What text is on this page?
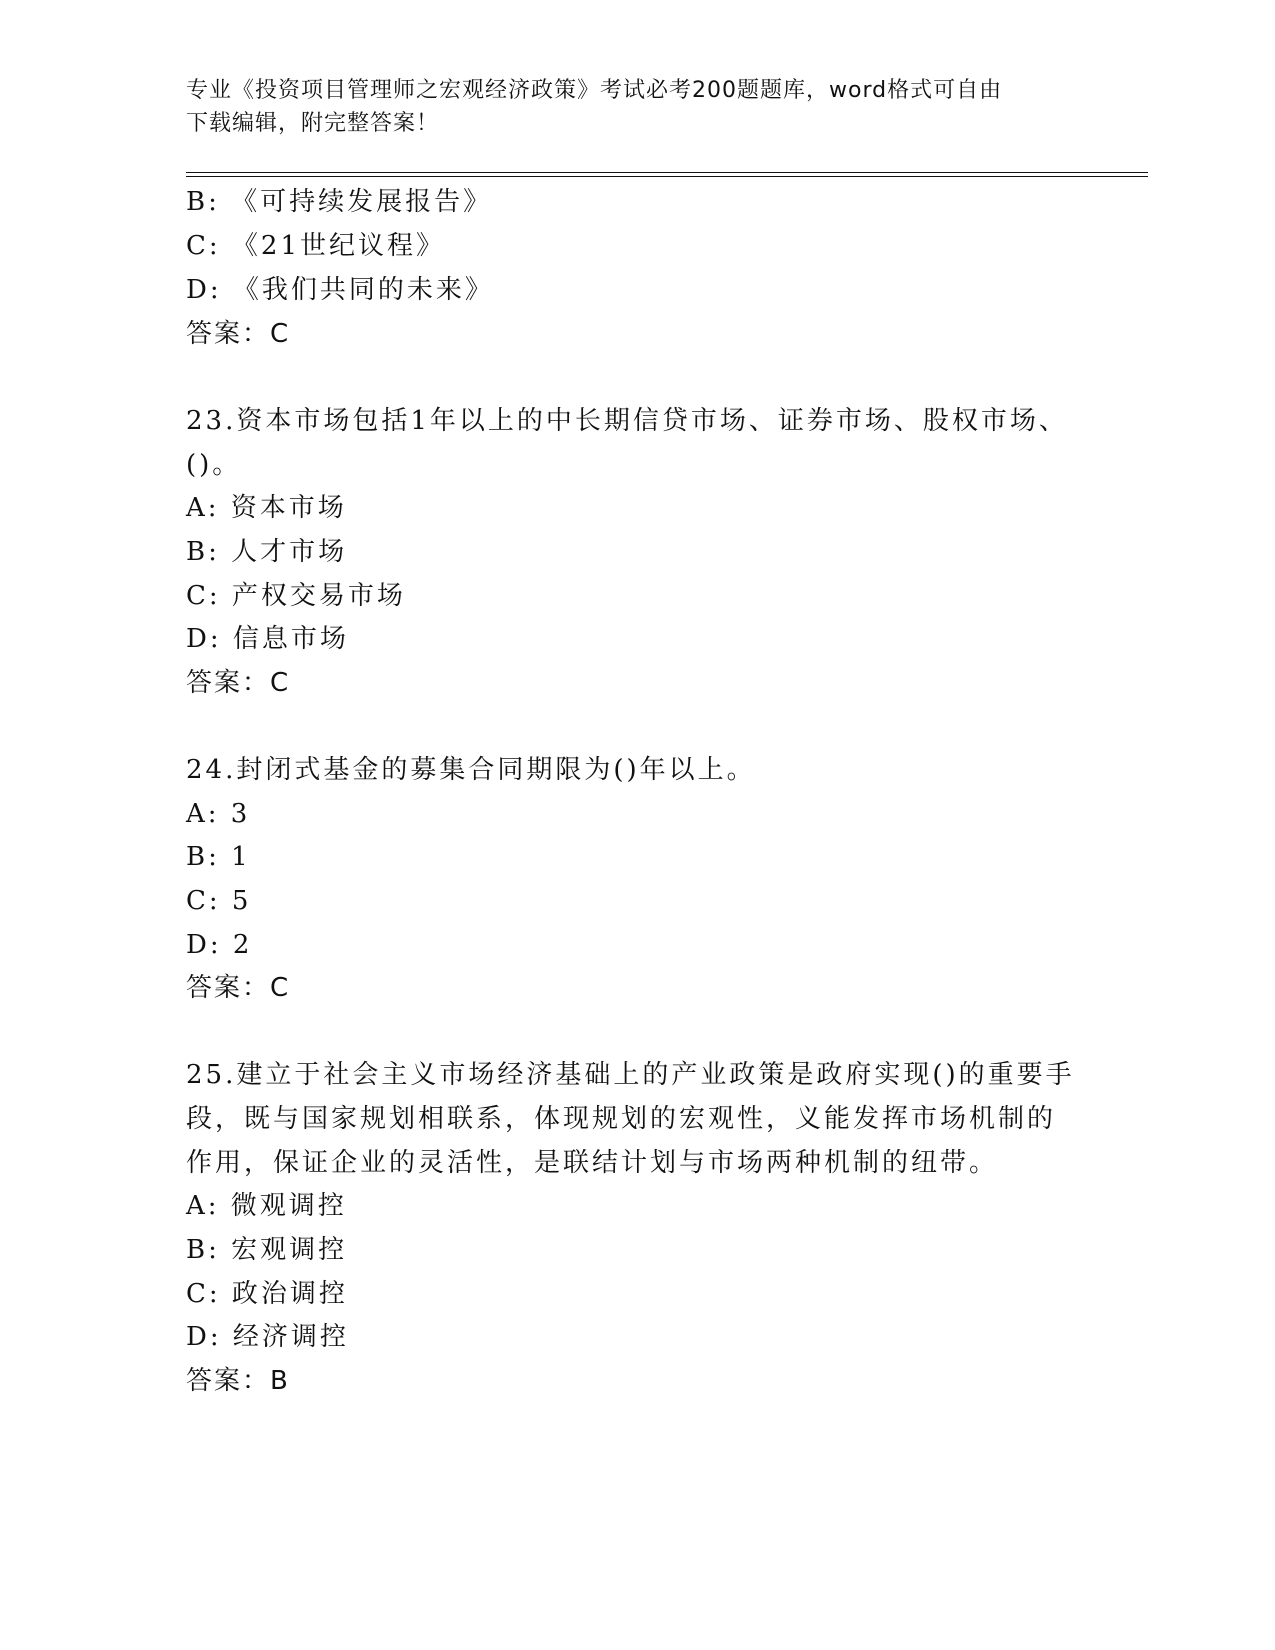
专业《投资项目管理师之宏观经济政策》考试必考200题题库，word格式可自由
下载编辑，附完整答案！
B: 《可持续发展报告》
C: 《21世纪议程》
D: 《我们共同的未来》
答案：C
23.资本市场包括1年以上的中长期信贷市场、证券市场、股权市场、
()。
A: 资本市场
B: 人才市场
C: 产权交易市场
D: 信息市场
答案：C
24.封闭式基金的募集合同期限为()年以上。
A: 3
B: 1
C: 5
D: 2
答案：C
25.建立于社会主义市场经济基础上的产业政策是政府实现()的重要手
段，既与国家规划相联系，体现规划的宏观性，义能发挥市场机制的
作用，保证企业的灵活性，是联结计划与市场两种机制的纽带。
A: 微观调控
B: 宏观调控
C: 政治调控
D: 经济调控
答案：B
